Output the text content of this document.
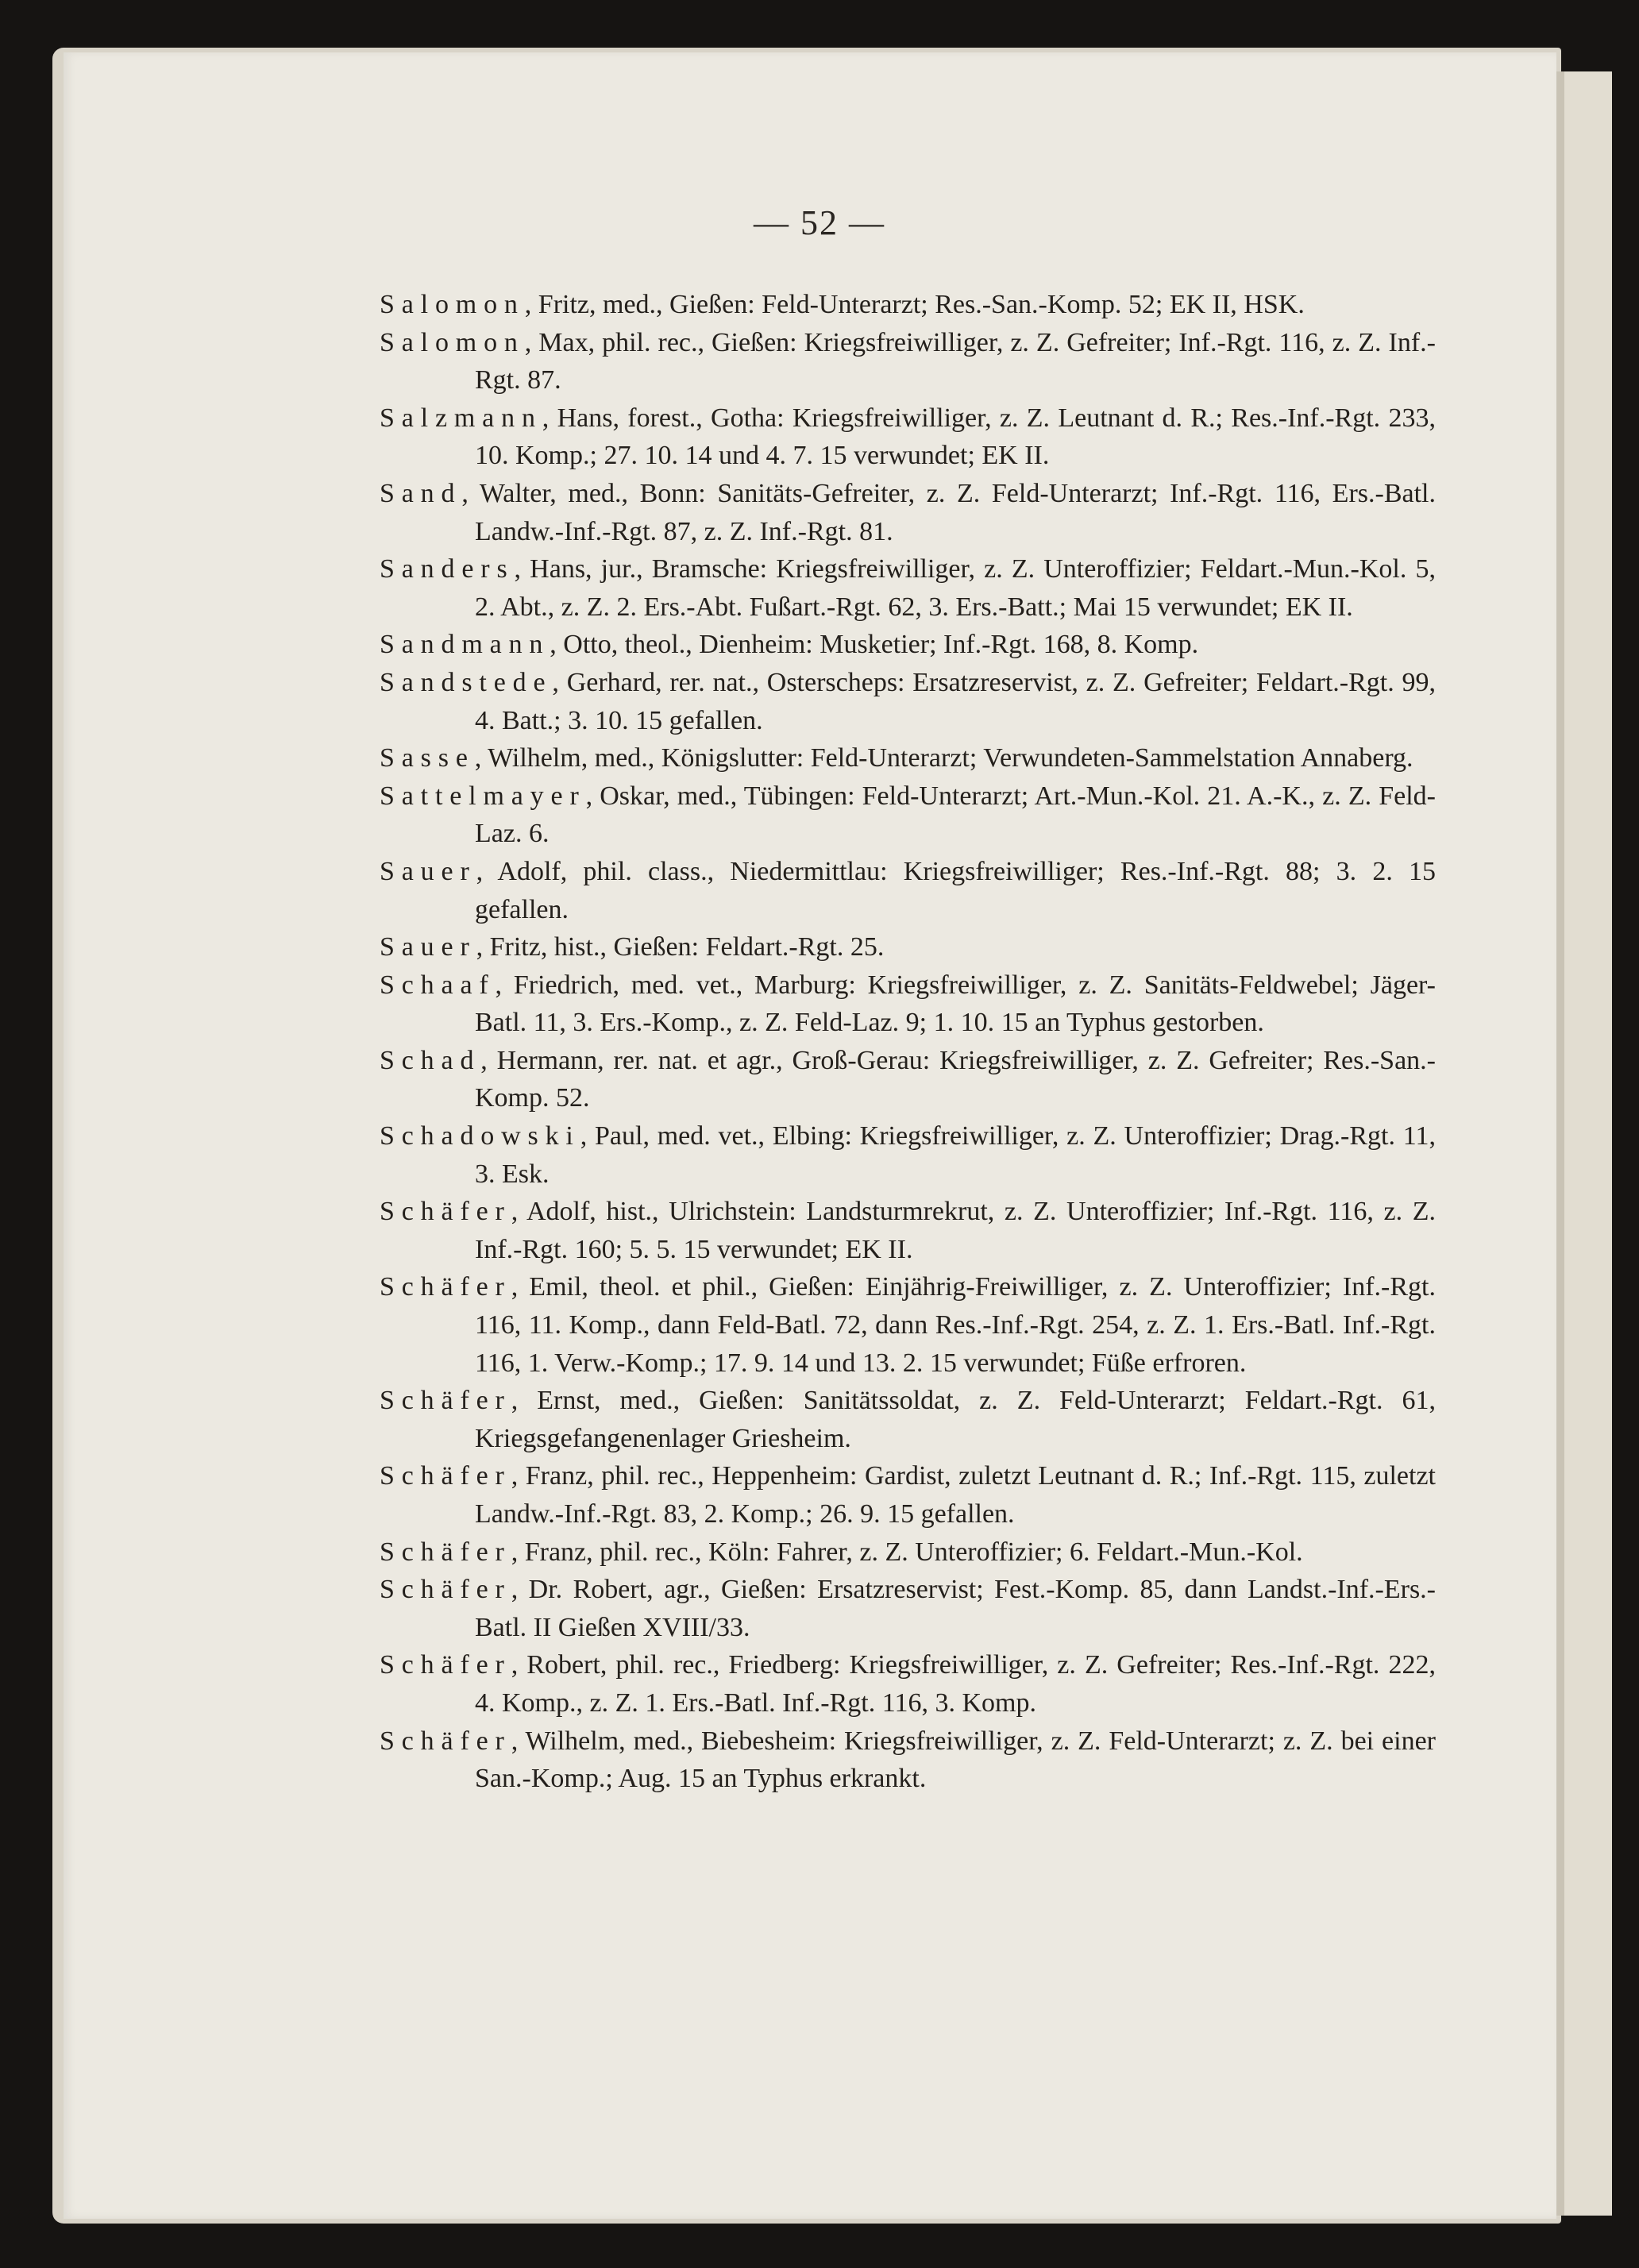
— 52 —
Salomon, Fritz, med., Gießen: Feld-Unterarzt; Res.-San.-Komp. 52; EK II, HSK.
Salomon, Max, phil. rec., Gießen: Kriegsfreiwilliger, z. Z. Gefreiter; Inf.-Rgt. 116, z. Z. Inf.-Rgt. 87.
Salzmann, Hans, forest., Gotha: Kriegsfreiwilliger, z. Z. Leutnant d. R.; Res.-Inf.-Rgt. 233, 10. Komp.; 27. 10. 14 und 4. 7. 15 verwundet; EK II.
Sand, Walter, med., Bonn: Sanitäts-Gefreiter, z. Z. Feld-Unterarzt; Inf.-Rgt. 116, Ers.-Batl. Landw.-Inf.-Rgt. 87, z. Z. Inf.-Rgt. 81.
Sanders, Hans, jur., Bramsche: Kriegsfreiwilliger, z. Z. Unteroffizier; Feldart.-Mun.-Kol. 5, 2. Abt., z. Z. 2. Ers.-Abt. Fußart.-Rgt. 62, 3. Ers.-Batt.; Mai 15 verwundet; EK II.
Sandmann, Otto, theol., Dienheim: Musketier; Inf.-Rgt. 168, 8. Komp.
Sandstede, Gerhard, rer. nat., Osterscheps: Ersatzreservist, z. Z. Gefreiter; Feldart.-Rgt. 99, 4. Batt.; 3. 10. 15 gefallen.
Sasse, Wilhelm, med., Königslutter: Feld-Unterarzt; Verwundeten-Sammelstation Annaberg.
Sattelmayer, Oskar, med., Tübingen: Feld-Unterarzt; Art.-Mun.-Kol. 21. A.-K., z. Z. Feld-Laz. 6.
Sauer, Adolf, phil. class., Niedermittlau: Kriegsfreiwilliger; Res.-Inf.-Rgt. 88; 3. 2. 15 gefallen.
Sauer, Fritz, hist., Gießen: Feldart.-Rgt. 25.
Schaaf, Friedrich, med. vet., Marburg: Kriegsfreiwilliger, z. Z. Sanitäts-Feldwebel; Jäger-Batl. 11, 3. Ers.-Komp., z. Z. Feld-Laz. 9; 1. 10. 15 an Typhus gestorben.
Schad, Hermann, rer. nat. et agr., Groß-Gerau: Kriegsfreiwilliger, z. Z. Gefreiter; Res.-San.-Komp. 52.
Schadowski, Paul, med. vet., Elbing: Kriegsfreiwilliger, z. Z. Unteroffizier; Drag.-Rgt. 11, 3. Esk.
Schäfer, Adolf, hist., Ulrichstein: Landsturmrekrut, z. Z. Unteroffizier; Inf.-Rgt. 116, z. Z. Inf.-Rgt. 160; 5. 5. 15 verwundet; EK II.
Schäfer, Emil, theol. et phil., Gießen: Einjährig-Freiwilliger, z. Z. Unteroffizier; Inf.-Rgt. 116, 11. Komp., dann Feld-Batl. 72, dann Res.-Inf.-Rgt. 254, z. Z. 1. Ers.-Batl. Inf.-Rgt. 116, 1. Verw.-Komp.; 17. 9. 14 und 13. 2. 15 verwundet; Füße erfroren.
Schäfer, Ernst, med., Gießen: Sanitätssoldat, z. Z. Feld-Unterarzt; Feldart.-Rgt. 61, Kriegsgefangenenlager Griesheim.
Schäfer, Franz, phil. rec., Heppenheim: Gardist, zuletzt Leutnant d. R.; Inf.-Rgt. 115, zuletzt Landw.-Inf.-Rgt. 83, 2. Komp.; 26. 9. 15 gefallen.
Schäfer, Franz, phil. rec., Köln: Fahrer, z. Z. Unteroffizier; 6. Feldart.-Mun.-Kol.
Schäfer, Dr. Robert, agr., Gießen: Ersatzreservist; Fest.-Komp. 85, dann Landst.-Inf.-Ers.-Batl. II Gießen XVIII/33.
Schäfer, Robert, phil. rec., Friedberg: Kriegsfreiwilliger, z. Z. Gefreiter; Res.-Inf.-Rgt. 222, 4. Komp., z. Z. 1. Ers.-Batl. Inf.-Rgt. 116, 3. Komp.
Schäfer, Wilhelm, med., Biebesheim: Kriegsfreiwilliger, z. Z. Feld-Unterarzt; z. Z. bei einer San.-Komp.; Aug. 15 an Typhus erkrankt.
